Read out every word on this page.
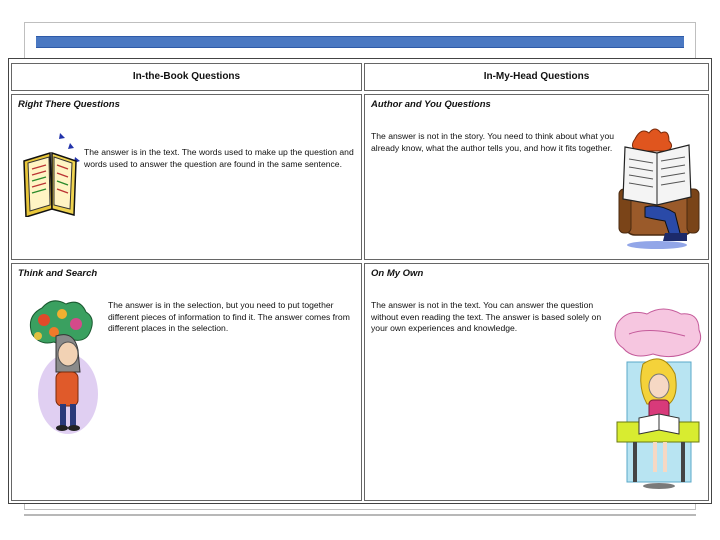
In-the-Book Questions	In-My-Head Questions
Right There Questions
The answer is in the text. The words used to make up the question and words used to answer the question are found in the same sentence.
Author and You Questions
The answer is not in the story. You need to think about what you already know, what the author tells you, and how it fits together.
Think and Search
The answer is in the selection, but you need to put together different pieces of information to find it. The answer comes from different places in the selection.
On My Own
The answer is not in the text. You can answer the question without even reading the text. The answer is based solely on your own experiences and knowledge.
